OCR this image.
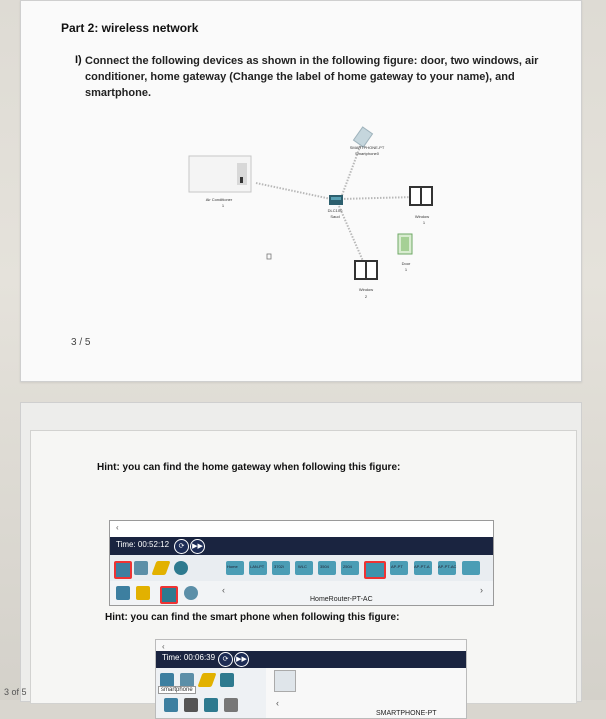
Part 2: wireless network
I) Connect the following devices as shown in the following figure: door, two windows, air conditioner, home gateway (Change the label of home gateway to your name), and smartphone.
Air Conditioner
1
SMARTPHONE-PT
Smartphone0
DLC100
Saud	Window
1
Door
1
Window
2
3 / 5
Hint: you can find the home gateway when following this figure:
‹
Time: 00:52:12	⟳	▶▶
Home	LAN-PT 3702i	WLC	3504	2504	AP-PT	AP-PT-A AP-PT-AC
‹	›
HomeRouter-PT-AC
Hint: you can find the smart phone when following this figure:
‹
Time: 00:06:39	⟳	▶▶
smartphone
‹
SMARTPHONE-PT
3 of 5
